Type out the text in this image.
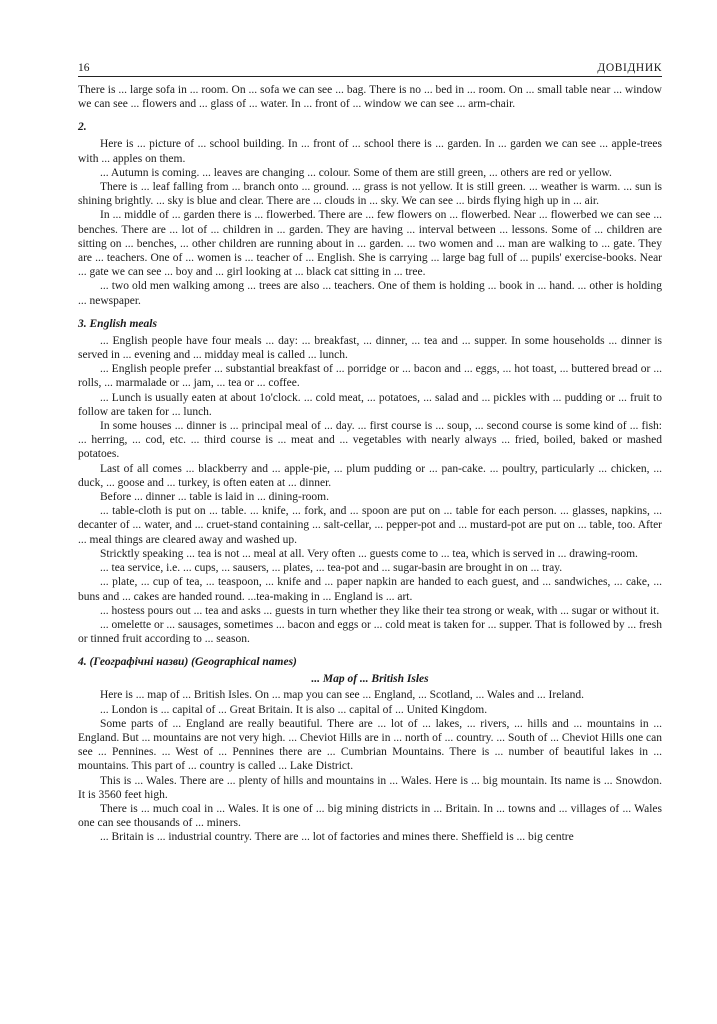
16	ДОВІДНИК

There is ... large sofa in ... room. On ... sofa we can see ... bag. There is no ... bed in ... room. On ... small table near ... window we can see ... flowers and ... glass of ... water. In ... front of ... window we can see ... arm-chair.

2.

Here is ... picture of ... school building. In ... front of ... school there is ... garden. In ... garden we can see ... apple-trees with ... apples on them.

... Autumn is coming. ... leaves are changing ... colour. Some of them are still green, ... others are red or yellow.

There is ... leaf falling from ... branch onto ... ground. ... grass is not yellow. It is still green. ... weather is warm. ... sun is shining brightly. ... sky is blue and clear. There are ... clouds in ... sky. We can see ... birds flying high up in ... air.

In ... middle of ... garden there is ... flowerbed. There are ... few flowers on ... flowerbed. Near ... flowerbed we can see ... benches. There are ... lot of ... children in ... garden. They are having ... interval between ... lessons. Some of ... children are sitting on ... benches, ... other children are running about in ... garden. ... two women and ... man are walking to ... gate. They are ... teachers. One of ... women is ... teacher of ... English. She is carrying ... large bag full of ... pupils' exercise-books. Near ... gate we can see ... boy and ... girl looking at ... black cat sitting in ... tree.

... two old men walking among ... trees are also ... teachers. One of them is holding ... book in ... hand. ... other is holding ... newspaper.

3. English meals

... English people have four meals ... day: ... breakfast, ... dinner, ... tea and ... supper. In some households ... dinner is served in ... evening and ... midday meal is called ... lunch.

... English people prefer ... substantial breakfast of ... porridge or ... bacon and ... eggs, ... hot toast, ... buttered bread or ... rolls, ... marmalade or ... jam, ... tea or ... coffee.

... Lunch is usually eaten at about 1o'clock. ... cold meat, ... potatoes, ... salad and ... pickles with ... pudding or ... fruit to follow are taken for ... lunch.

In some houses ... dinner is ... principal meal of ... day. ... first course is ... soup, ... second course is some kind of ... fish: ... herring, ... cod, etc. ... third course is ... meat and ... vegetables with nearly always ... fried, boiled, baked or mashed potatoes.

Last of all comes ... blackberry and ... apple-pie, ... plum pudding or ... pan-cake. ... poultry, particularly ... chicken, ... duck, ... goose and ... turkey, is often eaten at ... dinner.

Before ... dinner ... table is laid in ... dining-room.

... table-cloth is put on ... table. ... knife, ... fork, and ... spoon are put on ... table for each person. ... glasses, napkins, ... decanter of ... water, and ... cruet-stand containing ... salt-cellar, ... pepper-pot and ... mustard-pot are put on ... table, too. After ... meal things are cleared away and washed up.

Stricktly speaking ... tea is not ... meal at all. Very often ... guests come to ... tea, which is served in ... drawing-room.

... tea service, i.e. ... cups, ... sausers, ... plates, ... tea-pot and ... sugar-basin are brought in on ... tray.

... plate, ... cup of tea, ... teaspoon, ... knife and ... paper napkin are handed to each guest, and ... sandwiches, ... cake, ... buns and ... cakes are handed round. ...tea-making in ... England is ... art.

... hostess pours out ... tea and asks ... guests in turn whether they like their tea strong or weak, with ... sugar or without it.

... omelette or ... sausages, sometimes ... bacon and eggs or ... cold meat is taken for ... supper. That is followed by ... fresh or tinned fruit according to ... season.

4. (Географічні назви) (Geographical names)
... Map of ... British Isles

Here is ... map of ... British Isles. On ... map you can see ... England, ... Scotland, ... Wales and ... Ireland.

... London is ... capital of ... Great Britain. It is also ... capital of ... United Kingdom.

Some parts of ... England are really beautiful. There are ... lot of ... lakes, ... rivers, ... hills and ... mountains in ... England. But ... mountains are not very high. ... Cheviot Hills are in ... north of ... country. ... South of ... Cheviot Hills one can see ... Pennines. ... West of ... Pennines there are ... Cumbrian Mountains. There is ... number of beautiful lakes in ... mountains. This part of ... country is called ... Lake District.

This is ... Wales. There are ... plenty of hills and mountains in ... Wales. Here is ... big mountain. Its name is ... Snowdon. It is 3560 feet high.

There is ... much coal in ... Wales. It is one of ... big mining districts in ... Britain. In ... towns and ... villages of ... Wales one can see thousands of ... miners.

... Britain is ... industrial country. There are ... lot of factories and mines there. Sheffield is ... big centre
